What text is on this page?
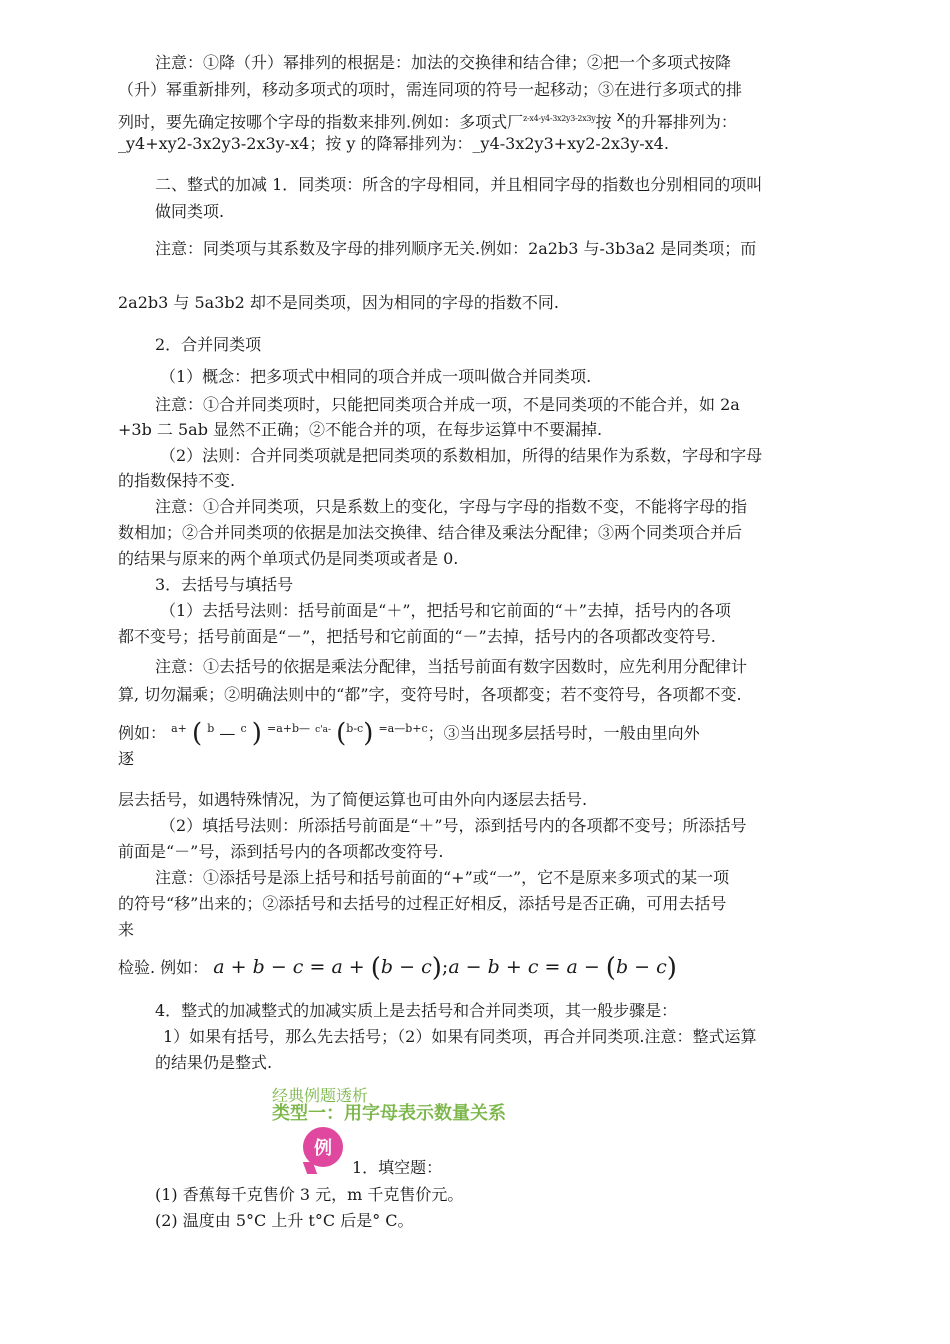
注意：①降（升）幂排列的根据是：加法的交换律和结合律；②把一个多项式按降
（升）幂重新排列，移动多项式的项时，需连同项的符号一起移动；③在进行多项式的排
列时，要先确定按哪个字母的指数来排列.例如：多项式厂$^{z-x4-y4-3x2y3-2x3y}$按 $^x$的升幂排列为：
_y4+xy2-3x2y3-2x3y-x4；按 y 的降幂排列为：_y4-3x2y3+xy2-2x3y-x4.
二、整式的加减 1．同类项：所含的字母相同，并且相同字母的指数也分别相同的项叫
做同类项.
注意：同类项与其系数及字母的排列顺序无关.例如：2a2b3 与-3b3a2 是同类项；而
2a2b3 与 5a3b2 却不是同类项，因为相同的字母的指数不同.
2．合并同类项
（1）概念：把多项式中相同的项合并成一项叫做合并同类项.
注意：①合并同类项时，只能把同类项合并成一项，不是同类项的不能合并，如 2a
+3b 二 5ab 显然不正确；②不能合并的项，在每步运算中不要漏掉.
（2）法则：合并同类项就是把同类项的系数相加，所得的结果作为系数，字母和字母
的指数保持不变.
注意：①合并同类项，只是系数上的变化，字母与字母的指数不变，不能将字母的指
数相加；②合并同类项的依据是加法交换律、结合律及乘法分配律；③两个同类项合并后
的结果与原来的两个单项式仍是同类项或者是 0.
3．去括号与填括号
（1）去括号法则：括号前面是“＋”，把括号和它前面的“＋”去掉，括号内的各项
都不变号；括号前面是“－”，把括号和它前面的“－”去掉，括号内的各项都改变符号.
注意：①去括号的依据是乘法分配律，当括号前面有数字因数时，应先利用分配律计
算, 切勿漏乘；②明确法则中的“都”字，变符号时，各项都变；若不变符号，各项都不变.
例如： $^{a+}$ ( $^b$ — $^c$ ) $^{=a+b—}$ $^{c'a-}$ ($^{b-c}$) $^{=a—b+c}$；③当出现多层括号时，一般由里向外
逐
层去括号，如遇特殊情况，为了简便运算也可由外向内逐层去括号.
（2）填括号法则：所添括号前面是“＋”号，添到括号内的各项都不变号；所添括号
前面是“－”号，添到括号内的各项都改变符号.
注意：①添括号是添上括号和括号前面的“+”或“一”，它不是原来多项式的某一项
的符号“移”出来的；②添括号和去括号的过程正好相反，添括号是否正确，可用去括号
来
检验. 例如： a + b − c = a + (b − c);a − b + c = a − (b − c)
4．整式的加减整式的加减实质上是去括号和合并同类项，其一般步骤是：
1）如果有括号，那么先去括号；（2）如果有同类项，再合并同类项.注意：整式运算
的结果仍是整式.
经典例题透析
类型一：用字母表示数量关系
例
1．填空题：
(1) 香蕉每千克售价 3 元，m 千克售价元。
(2) 温度由 5°C 上升 t°C 后是° C。
